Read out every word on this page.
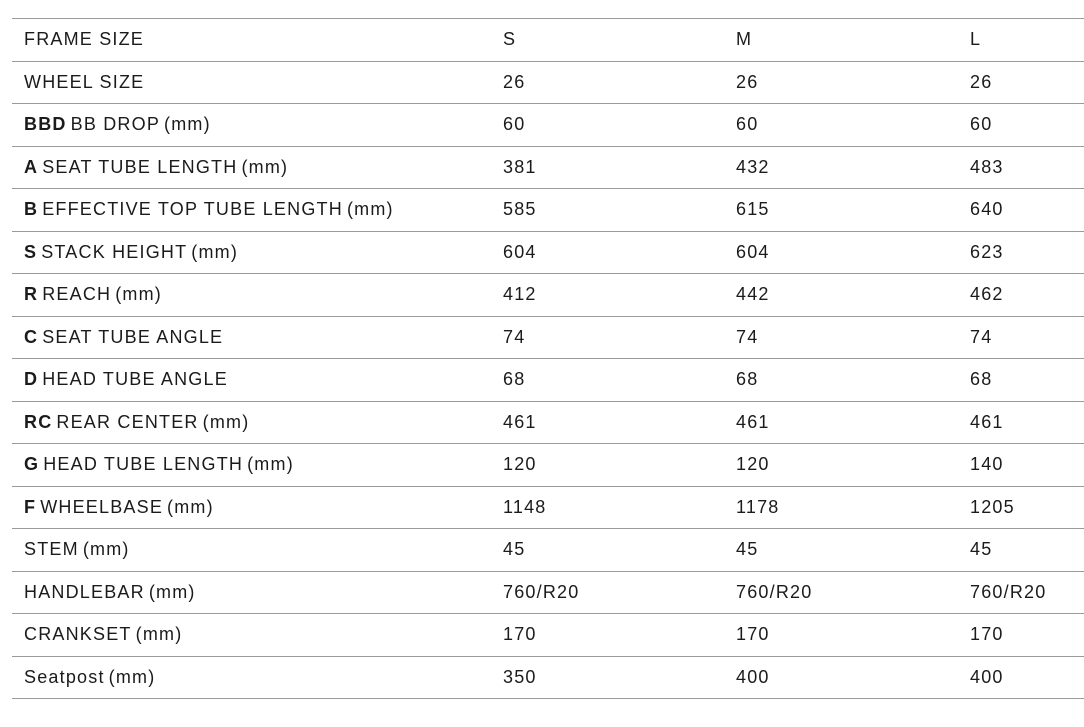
FRAME SIZE	S	M	L
WHEEL SIZE	26	26	26
BBD BB DROP (mm)	60	60	60
A SEAT TUBE LENGTH (mm)	381	432	483
B EFFECTIVE TOP TUBE LENGTH (mm)	585	615	640
S STACK HEIGHT (mm)	604	604	623
R REACH (mm)	412	442	462
C SEAT TUBE ANGLE	74	74	74
D HEAD TUBE ANGLE	68	68	68
RC REAR CENTER (mm)	461	461	461
G HEAD TUBE LENGTH (mm)	120	120	140
F WHEELBASE (mm)	1148	1178	1205
STEM (mm)	45	45	45
HANDLEBAR (mm)	760/R20	760/R20	760/R20
CRANKSET (mm)	170	170	170
Seatpost (mm)	350	400	400
